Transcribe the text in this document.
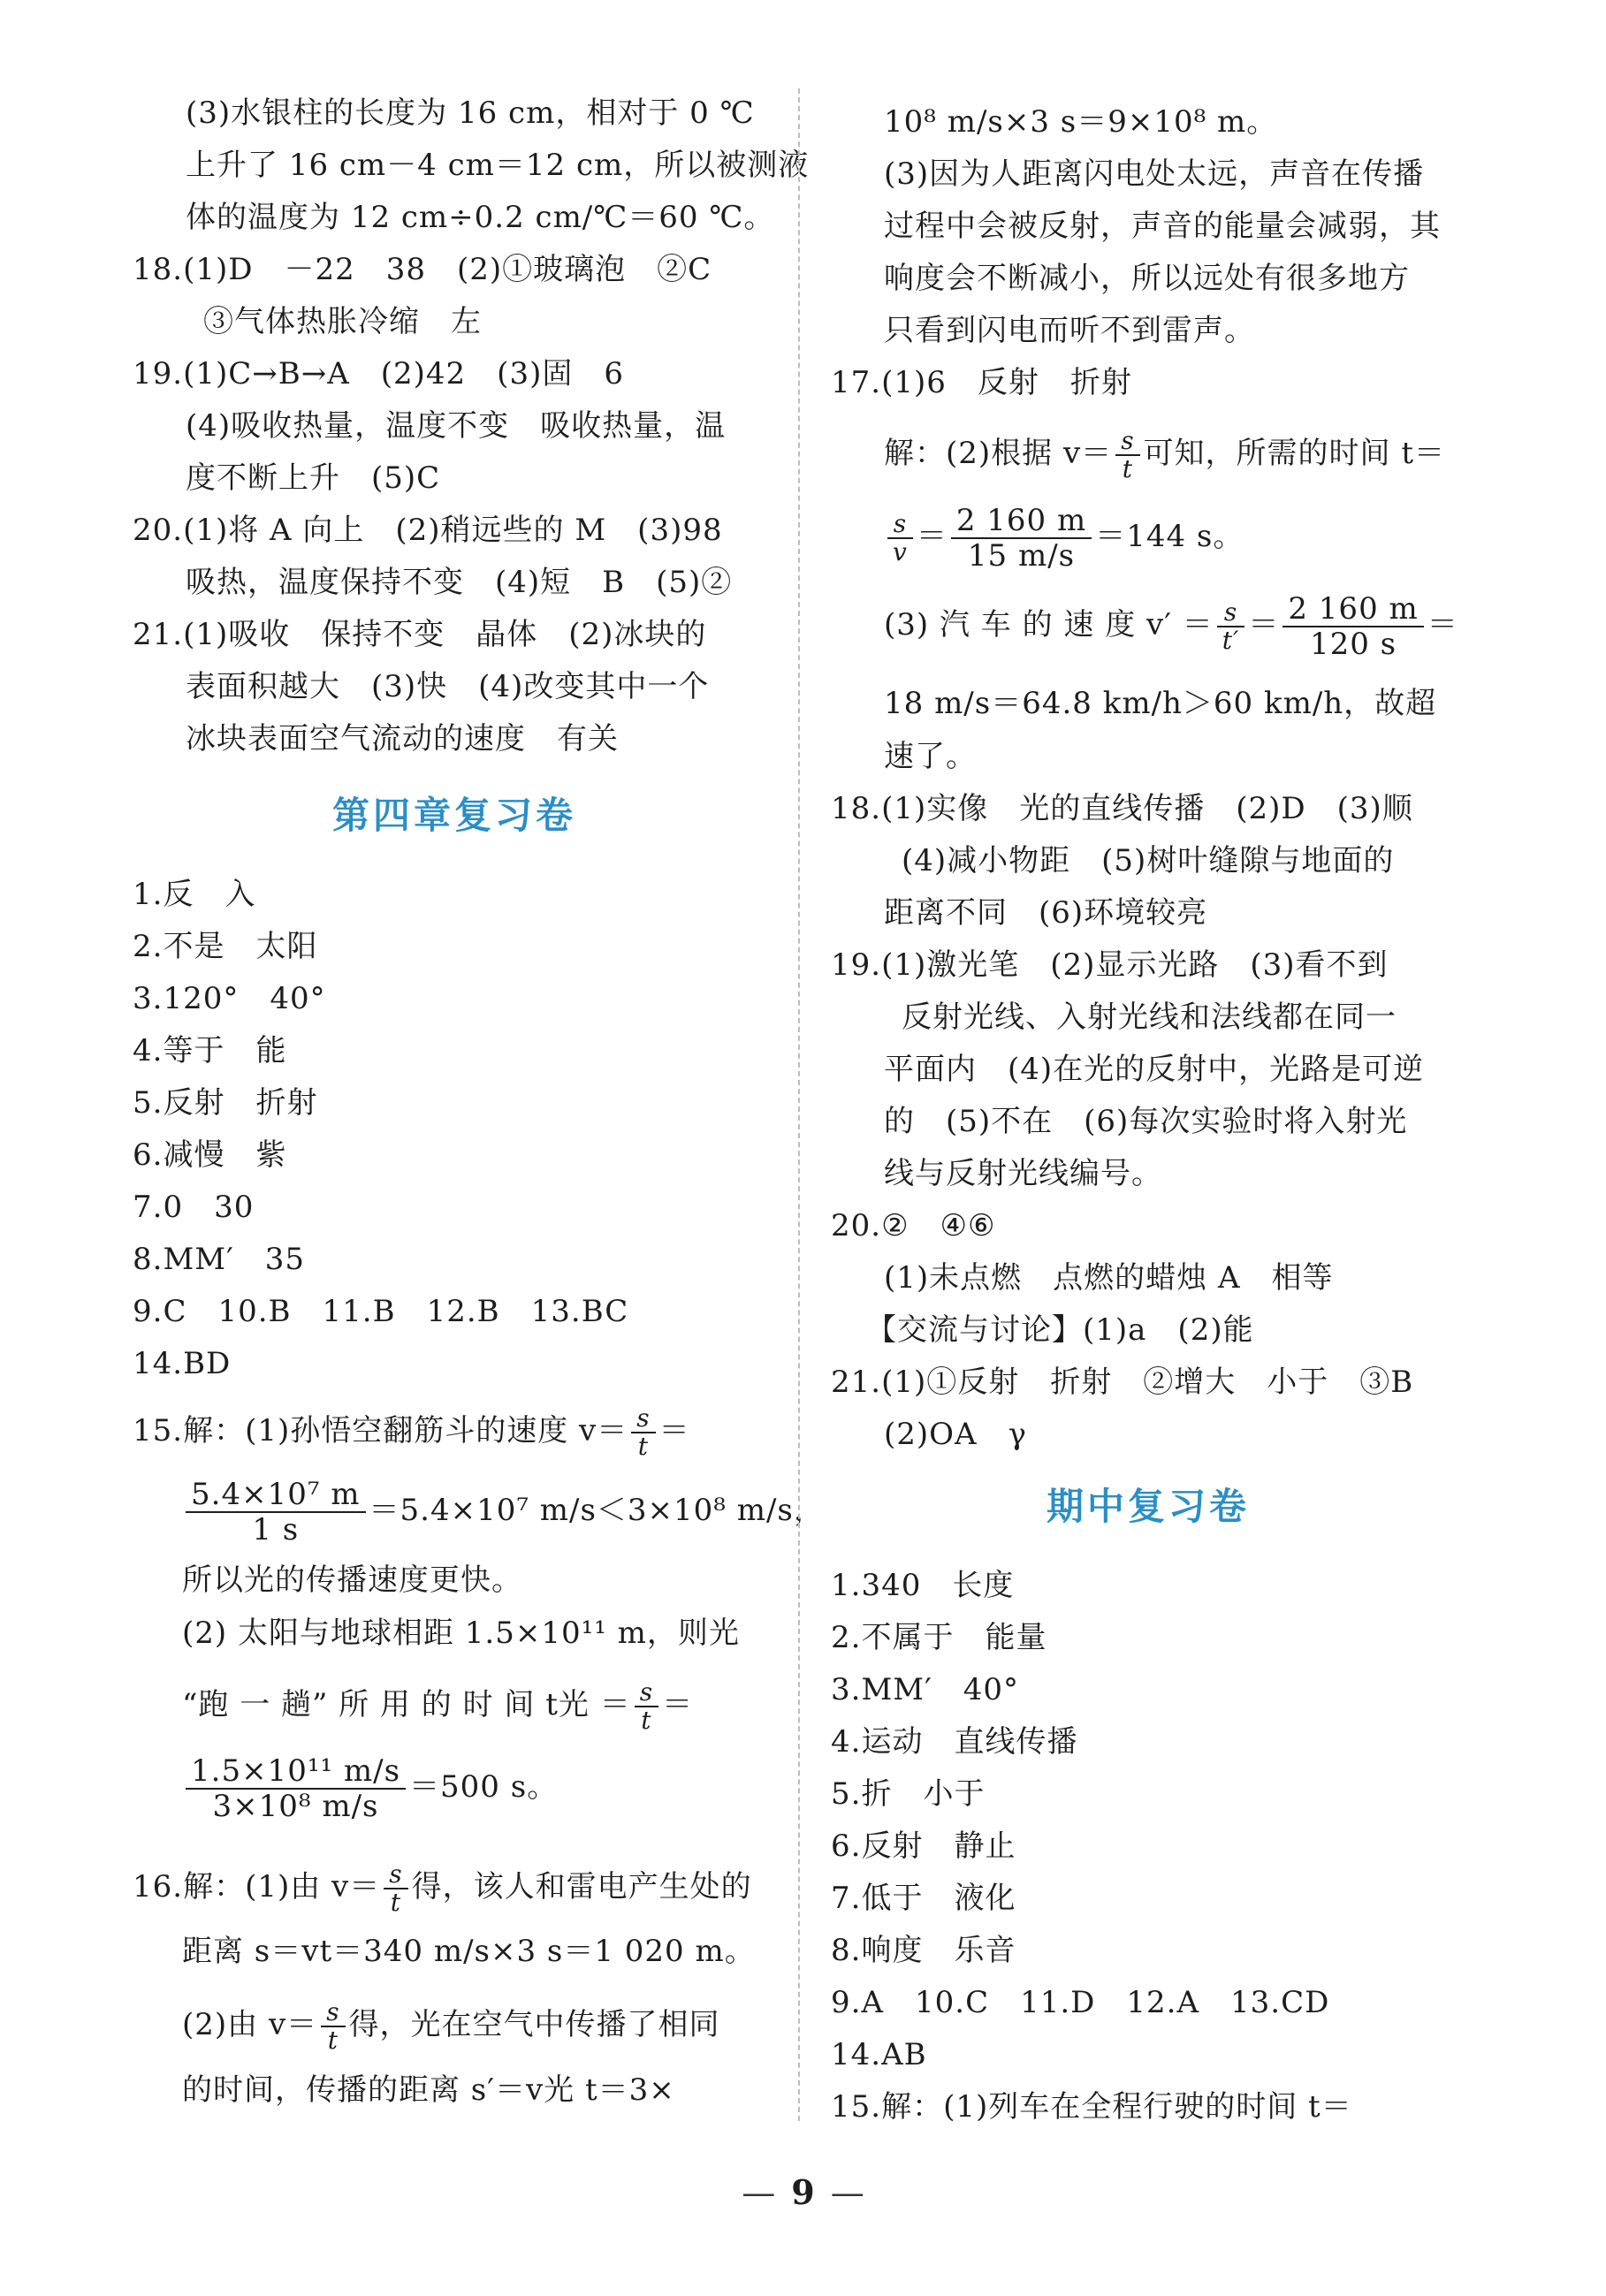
(3)水银柱的长度为 16 cm，相对于 0 ℃
上升了 16 cm－4 cm＝12 cm，所以被测液
体的温度为 12 cm÷0.2 cm/℃＝60 ℃。
18.(1)D　－22　38　(2)①玻璃泡　②C
③气体热胀冷缩　左
19.(1)C→B→A　(2)42　(3)固　6
(4)吸收热量，温度不变　吸收热量，温
度不断上升　(5)C
20.(1)将 A 向上　(2)稍远些的 M　(3)98
吸热，温度保持不变　(4)短　B　(5)②
21.(1)吸收　保持不变　晶体　(2)冰块的
表面积越大　(3)快　(4)改变其中一个
冰块表面空气流动的速度　有关
第四章复习卷
1.反　入
2.不是　太阳
3.120°　40°
4.等于　能
5.反射　折射
6.减慢　紫
7.0　30
8.MM′　35
9.C　10.B　11.B　12.B　13.BC
14.BD
15.解：(1)孙悟空翻筋斗的速度 $v= \frac{s}{t}$ ＝
$\frac{\text{5.4×10⁷ m}}{1 s} =5.4\times 10^7$ m/s＜3×10⁸ m/s，
所以光的传播速度更快。
(2) 太阳与地球相距 1.5×10¹¹ m，则光
“跑 一 趟” 所 用 的 时 间 t光 ＝ $\frac{s}{t}$ ＝
$\frac{\text{1.5×10¹¹ m/s}}{\text{3×10⁸ m/s}} =500$ s。
16.解：(1)由 $v= \frac{s}{t}$ 得，该人和雷电产生处的
距离 s＝vt＝340 m/s×3 s＝1 020 m。
(2)由 $v= \frac{s}{t}$ 得，光在空气中传播了相同
的时间，传播的距离 s′＝v光 t＝3×
10⁸ m/s×3 s＝9×10⁸ m。
(3)因为人距离闪电处太远，声音在传播
过程中会被反射，声音的能量会减弱，其
响度会不断减小，所以远处有很多地方
只看到闪电而听不到雷声。
17.(1)6　反射　折射
解：(2)根据 $v= \frac{s}{t}$ 可知，所需的时间 t＝
$\frac{s}{v} = \frac{2 160 m}{15 m/s} =144$ s。
(3) 汽 车 的 速 度 $v' = \frac{s}{t'} = \frac{2 160 m}{120 s}$ ＝
18 m/s＝64.8 km/h＞60 km/h，故超
速了。
18.(1)实像　光的直线传播　(2)D　(3)顺
(4)减小物距　(5)树叶缝隙与地面的
距离不同　(6)环境较亮
19.(1)激光笔　(2)显示光路　(3)看不到
反射光线、入射光线和法线都在同一
平面内　(4)在光的反射中，光路是可逆
的　(5)不在　(6)每次实验时将入射光
线与反射光线编号。
20.②　④⑥
(1)未点燃　点燃的蜡烛 A　相等
【交流与讨论】(1)a　(2)能
21.(1)①反射　折射　②增大　小于　③B
(2)OA　γ
期中复习卷
1.340　长度
2.不属于　能量
3.MM′　40°
4.运动　直线传播
5.折　小于
6.反射　静止
7.低于　液化
8.响度　乐音
9.A　10.C　11.D　12.A　13.CD
14.AB
15.解：(1)列车在全程行驶的时间 t＝
— 9 —
